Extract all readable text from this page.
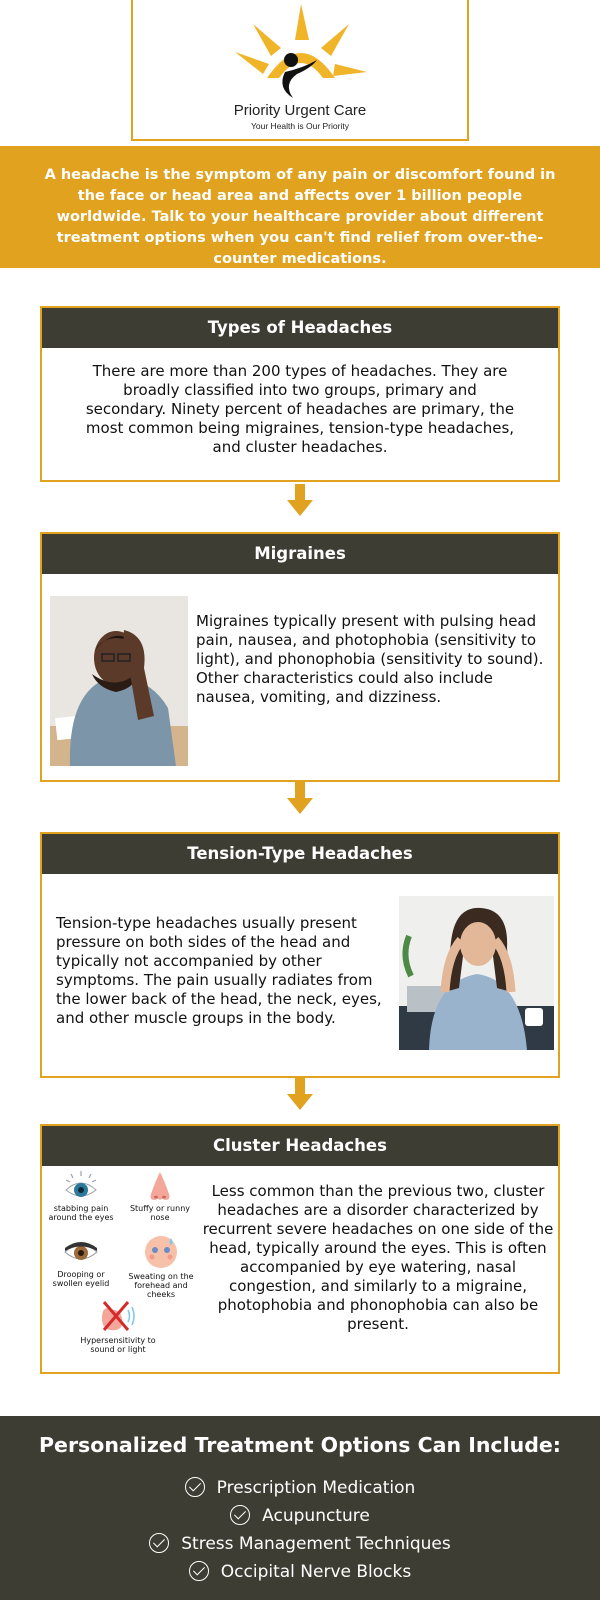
Priority Urgent Care
Your Health is Our Priority
A headache is the symptom of any pain or discomfort found in the face or head area and affects over 1 billion people worldwide. Talk to your healthcare provider about different treatment options when you can't find relief from over-the-counter medications.
Types of Headaches

There are more than 200 types of headaches. They are broadly classified into two groups, primary and secondary. Ninety percent of headaches are primary, the most common being migraines, tension-type headaches, and cluster headaches.

Migraines

Migraines typically present with pulsing head pain, nausea, and photophobia (sensitivity to light), and phonophobia (sensitivity to sound). Other characteristics could also include nausea, vomiting, and dizziness.

Tension-Type Headaches

Tension-type headaches usually present pressure on both sides of the head and typically not accompanied by other symptoms. The pain usually radiates from the lower back of the head, the neck, eyes, and other muscle groups in the body.

Cluster Headaches
stabbing pain around the eyes
Stuffy or runny nose
Drooping or swollen eyelid
Sweating on the forehead and cheeks
Hypersensitivity to sound or light

Less common than the previous two, cluster headaches are a disorder characterized by recurrent severe headaches on one side of the head, typically around the eyes. This is often accompanied by eye watering, nasal congestion, and similarly to a migraine, photophobia and phonophobia can also be present.

Personalized Treatment Options Can Include:
Prescription Medication
Acupuncture
Stress Management Techniques
Occipital Nerve Blocks
